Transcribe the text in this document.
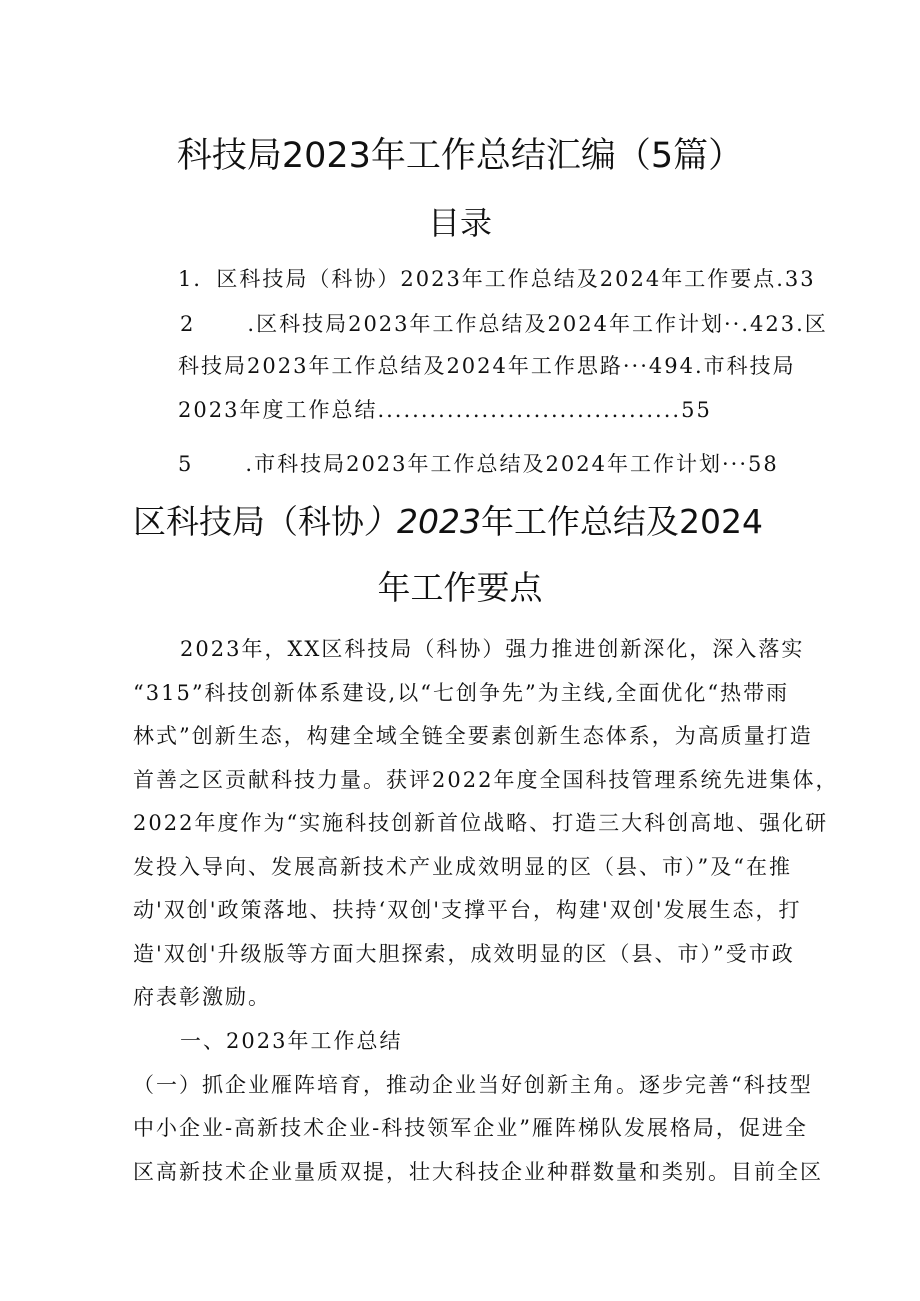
科技局2023年工作总结汇编（5篇）
目录
1．区科技局（科协）2023年工作总结及2024年工作要点.33
2      .区科技局2023年工作总结及2024年工作计划··.423.区
科技局2023年工作总结及2024年工作思路···494.市科技局
2023年度工作总结...................................55
5      .市科技局2023年工作总结及2024年工作计划···58
区科技局（科协）2023年工作总结及2024
年工作要点
2023年，XX区科技局（科协）强力推进创新深化，深入落实
“315”科技创新体系建设,以“七创争先”为主线,全面优化“热带雨
林式”创新生态，构建全域全链全要素创新生态体系，为高质量打造
首善之区贡献科技力量。获评2022年度全国科技管理系统先进集体，
2022年度作为“实施科技创新首位战略、打造三大科创高地、强化研
发投入导向、发展高新技术产业成效明显的区（县、市）”及“在推
动'双创'政策落地、扶持‘双创'支撑平台，构建'双创'发展生态，打
造'双创'升级版等方面大胆探索，成效明显的区（县、市）”受市政
府表彰激励。
一、2023年工作总结
（一）抓企业雁阵培育，推动企业当好创新主角。逐步完善“科技型
中小企业-高新技术企业-科技领军企业”雁阵梯队发展格局，促进全
区高新技术企业量质双提，壮大科技企业种群数量和类别。目前全区
